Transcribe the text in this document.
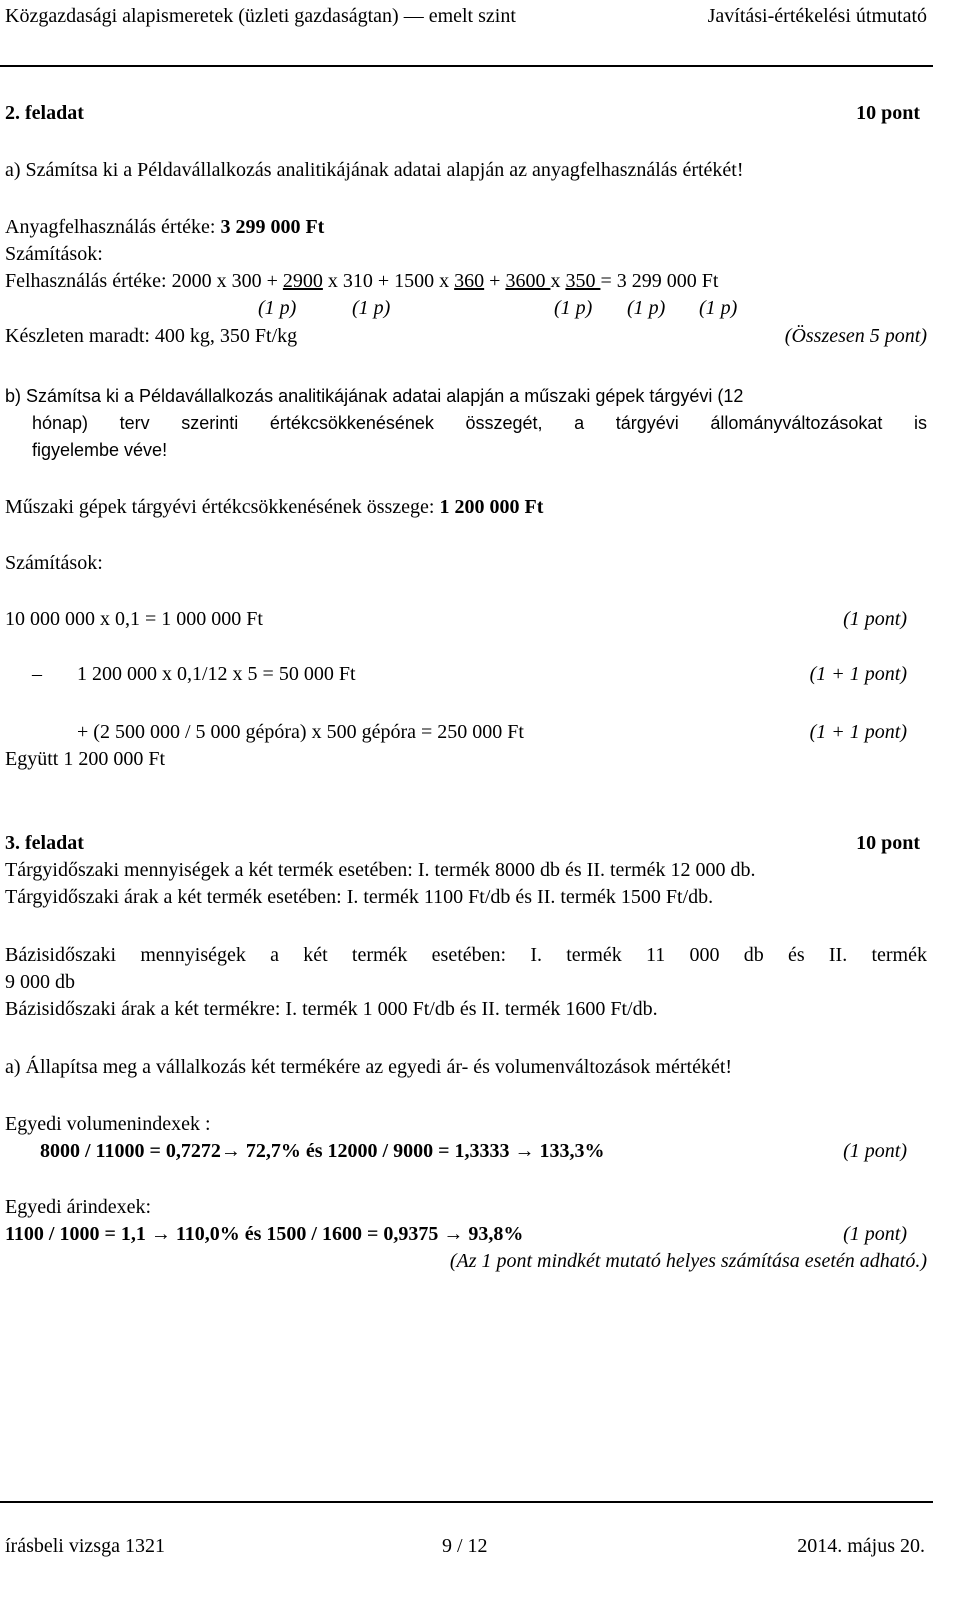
Közgazdasági alapismeretek (üzleti gazdaságtan) — emelt szint	Javítási-értékelési útmutató
2. feladat	10 pont
a) Számítsa ki a Példavállalkozás analitikájának adatai alapján az anyagfelhasználás értékét!
Anyagfelhasználás értéke: 3 299 000 Ft
Számítások:
Felhasználás értéke: 2000 x 300 + 2900 x 310 + 1500 x 360 + 3600 x 350 = 3 299 000 Ft
(1 p)	(1 p)	(1 p) (1 p) (1 p)
(Összesen 5 pont)
Készleten maradt: 400 kg, 350 Ft/kg
b) Számítsa ki a Példavállalkozás analitikájának adatai alapján a műszaki gépek tárgyévi (12
hónap) terv szerinti értékcsökkenésének összegét, a tárgyévi állományváltozásokat is
figyelembe véve!
Műszaki gépek tárgyévi értékcsökkenésének összege: 1 200 000 Ft
Számítások:
10 000 000 x 0,1 = 1 000 000 Ft	(1 pont)
– 1 200 000 x 0,1/12 x 5 = 50 000 Ft	(1 + 1 pont)
+ (2 500 000 / 5 000 gépóra) x 500 gépóra = 250 000 Ft	(1 + 1 pont)
Együtt 1 200 000 Ft
3. feladat	10 pont
Tárgyidőszaki mennyiségek a két termék esetében: I. termék 8000 db és II. termék 12 000 db.
Tárgyidőszaki árak a két termék esetében: I. termék 1100 Ft/db és II. termék 1500 Ft/db.
Bázisidőszaki mennyiségek a két termék esetében: I. termék 11 000 db és II. termék
9 000 db
Bázisidőszaki árak a két termékre: I. termék 1 000 Ft/db és II. termék 1600 Ft/db.
a) Állapítsa meg a vállalkozás két termékére az egyedi ár- és volumenváltozások mértékét!
Egyedi volumenindexek :
8000 / 11000 = 0,7272→ 72,7% és 12000 / 9000 = 1,3333 → 133,3%	(1 pont)
Egyedi árindexek:
1100 / 1000 = 1,1 → 110,0% és 1500 / 1600 = 0,9375 → 93,8%	(1 pont)
(Az 1 pont mindkét mutató helyes számítása esetén adható.)
írásbeli vizsga 1321	9 / 12	2014. május 20.
